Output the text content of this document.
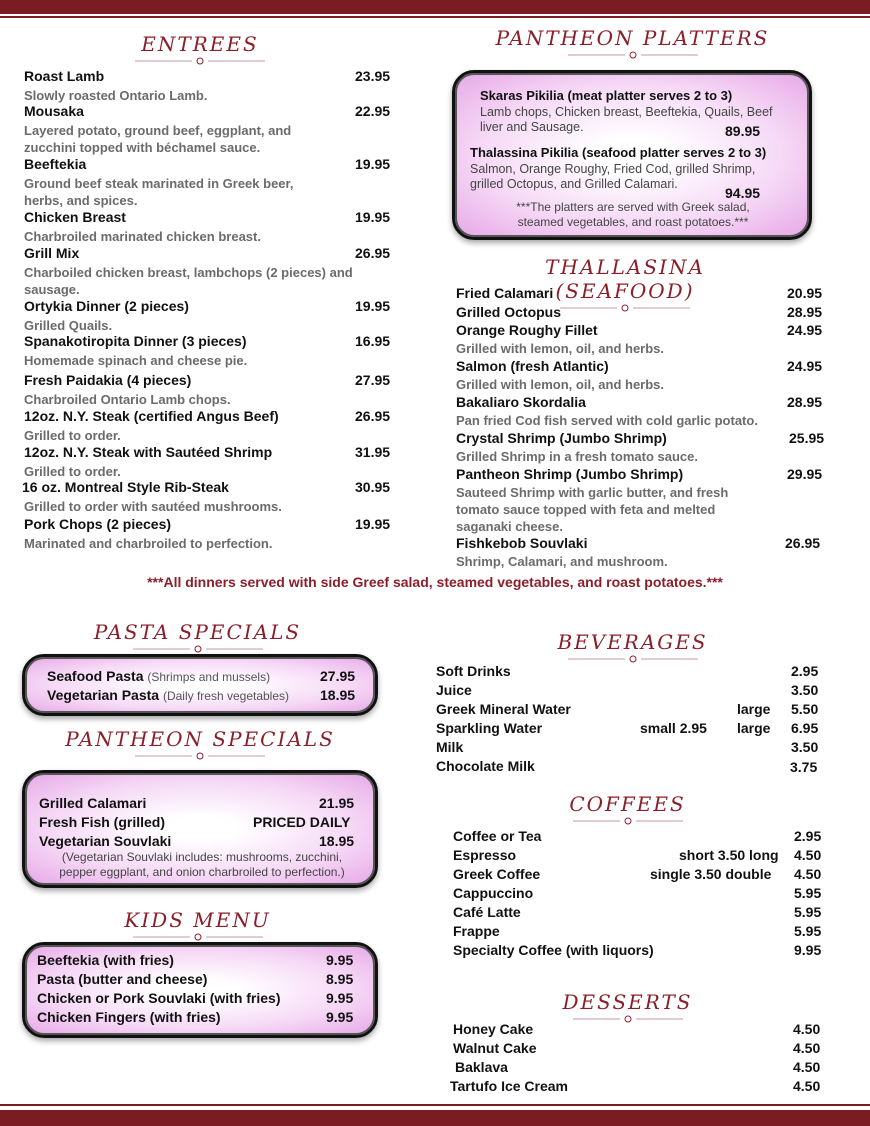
ENTREES
Roast Lamb	23.95
Slowly roasted Ontario Lamb.
Mousaka	22.95
Layered potato, ground beef, eggplant, and zucchini topped with béchamel sauce.
Beeftekia	19.95
Ground beef steak marinated in Greek beer, herbs, and spices.
Chicken Breast	19.95
Charbroiled marinated chicken breast.
Grill Mix	26.95
Charboiled chicken breast, lambchops (2 pieces) and sausage.
Ortykia Dinner (2 pieces)	19.95
Grilled Quails.
Spanakotiropita Dinner (3 pieces)	16.95
Homemade spinach and cheese pie.
Fresh Paidakia (4 pieces)	27.95
Charbroiled Ontario Lamb chops.
12oz. N.Y. Steak (certified Angus Beef)	26.95
Grilled to order.
12oz. N.Y. Steak with Sautéed Shrimp	31.95
Grilled to order.
16 oz. Montreal Style Rib-Steak	30.95
Grilled to order with sautéed mushrooms.
Pork Chops (2 pieces)	19.95
Marinated and charbroiled to perfection.
PANTHEON PLATTERS
Skaras Pikilia (meat platter serves 2 to 3)
Lamb chops, Chicken breast, Beeftekia, Quails, Beef liver and Sausage.	89.95
Thalassina Pikilia (seafood platter serves 2 to 3)
Salmon, Orange Roughy, Fried Cod, grilled Shrimp, grilled Octopus, and Grilled Calamari.
94.95
***The platters are served with Greek salad, steamed vegetables, and roast potatoes.***
THALLASINA (SEAFOOD)
Fried Calamari	20.95
Grilled Octopus	28.95
Orange Roughy Fillet	24.95
Grilled with lemon, oil, and herbs.
Salmon (fresh Atlantic)	24.95
Grilled with lemon, oil, and herbs.
Bakaliaro Skordalia	28.95
Pan fried Cod fish served with cold garlic potato.
Crystal Shrimp (Jumbo Shrimp)	25.95
Grilled Shrimp in a fresh tomato sauce.
Pantheon Shrimp (Jumbo Shrimp)	29.95
Sauteed Shrimp with garlic butter, and fresh tomato sauce topped with feta and melted saganaki cheese.
Fishkebob Souvlaki	26.95
Shrimp, Calamari, and mushroom.
***All dinners served with side Greef salad, steamed vegetables, and roast potatoes.***
PASTA SPECIALS
Seafood Pasta (Shrimps and mussels)	27.95
Vegetarian Pasta (Daily fresh vegetables) 18.95
PANTHEON SPECIALS
Grilled Calamari	21.95
Fresh Fish (grilled)	PRICED DAILY
Vegetarian Souvlaki	18.95
(Vegetarian Souvlaki includes: mushrooms, zucchini, pepper eggplant, and onion charbroiled to perfection.)
KIDS MENU
Beeftekia (with fries)	9.95
Pasta (butter and cheese)	8.95
Chicken or Pork Souvlaki (with fries)	9.95
Chicken Fingers (with fries)	9.95
BEVERAGES
Soft Drinks	2.95
Juice	3.50
Greek Mineral Water	large 5.50
Sparkling Water	small 2.95 large 6.95
Milk	3.50
Chocolate Milk	3.75
COFFEES
Coffee or Tea	2.95
Espresso	short 3.50 long 4.50
Greek Coffee	single 3.50 double 4.50
Cappuccino	5.95
Café Latte	5.95
Frappe	5.95
Specialty Coffee (with liquors)	9.95
DESSERTS
Honey Cake	4.50
Walnut Cake	4.50
Baklava	4.50
Tartufo Ice Cream	4.50
